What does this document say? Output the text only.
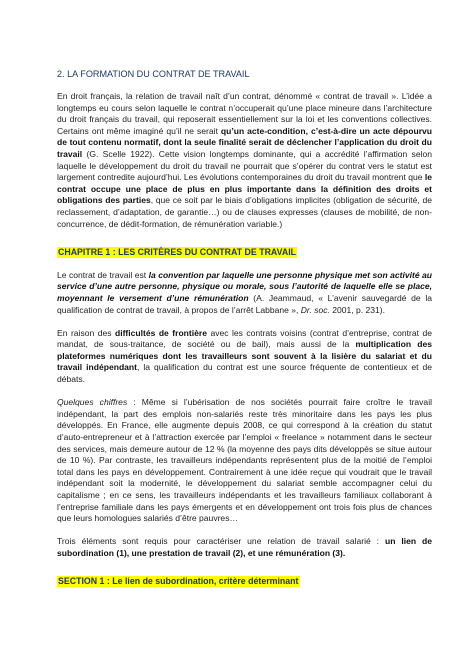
2. LA FORMATION DU CONTRAT DE TRAVAIL

En droit français, la relation de travail naît d’un contrat, dénommé « contrat de travail ». L’idée a longtemps eu cours selon laquelle le contrat n’occuperait qu’une place mineure dans l’architecture du droit français du travail, qui reposerait essentiellement sur la loi et les conventions collectives. Certains ont même imaginé qu’il ne serait qu’un acte-condition, c’est-à-dire un acte dépourvu de tout contenu normatif, dont la seule finalité serait de déclencher l’application du droit du travail (G. Scelle 1922). Cette vision longtemps dominante, qui a accrédité l’affirmation selon laquelle le développement du droit du travail ne pourrait que s’opérer du contrat vers le statut est largement contredite aujourd’hui. Les évolutions contemporaines du droit du travail montrent que le contrat occupe une place de plus en plus importante dans la définition des droits et obligations des parties, que ce soit par le biais d’obligations implicites (obligation de sécurité, de reclassement, d’adaptation, de garantie…) ou de clauses expresses (clauses de mobilité, de non-concurrence, de dédit-formation, de rémunération variable.)

CHAPITRE 1 : LES CRITÈRES DU CONTRAT DE TRAVAIL

Le contrat de travail est la convention par laquelle une personne physique met son activité au service d’une autre personne, physique ou morale, sous l’autorité de laquelle elle se place, moyennant le versement d’une rémunération (A. Jeammaud, « L’avenir sauvegardé de la qualification de contrat de travail, à propos de l’arrêt Labbane », Dr. soc. 2001, p. 231).

En raison des difficultés de frontière avec les contrats voisins (contrat d’entreprise, contrat de mandat, de sous-traitance, de société ou de bail), mais aussi de la multiplication des plateformes numériques dont les travailleurs sont souvent à la lisière du salariat et du travail indépendant, la qualification du contrat est une source fréquente de contentieux et de débats.

Quelques chiffres : Même si l’ubérisation de nos sociétés pourrait faire croître le travail indépendant, la part des emplois non-salariés reste très minoritaire dans les pays les plus développés. En France, elle augmente depuis 2008, ce qui correspond à la création du statut d’auto-entrepreneur et à l’attraction exercée par l’emploi « freelance » notamment dans le secteur des services, mais demeure autour de 12 % (la moyenne des pays dits développés se situe autour de 10 %). Par contraste, les travailleurs indépendants représentent plus de la moitié de l’emploi total dans les pays en développement. Contrairement à une idée reçue qui voudrait que le travail indépendant soit la modernité, le développement du salariat semble accompagner celui du capitalisme ; en ce sens, les travailleurs indépendants et les travailleurs familiaux collaborant à l’entreprise familiale dans les pays émergents et en développement ont trois fois plus de chances que leurs homologues salariés d’être pauvres…

Trois éléments sont requis pour caractériser une relation de travail salarié : un lien de subordination (1), une prestation de travail (2), et une rémunération (3).

SECTION 1 : Le lien de subordination, critère déterminant
